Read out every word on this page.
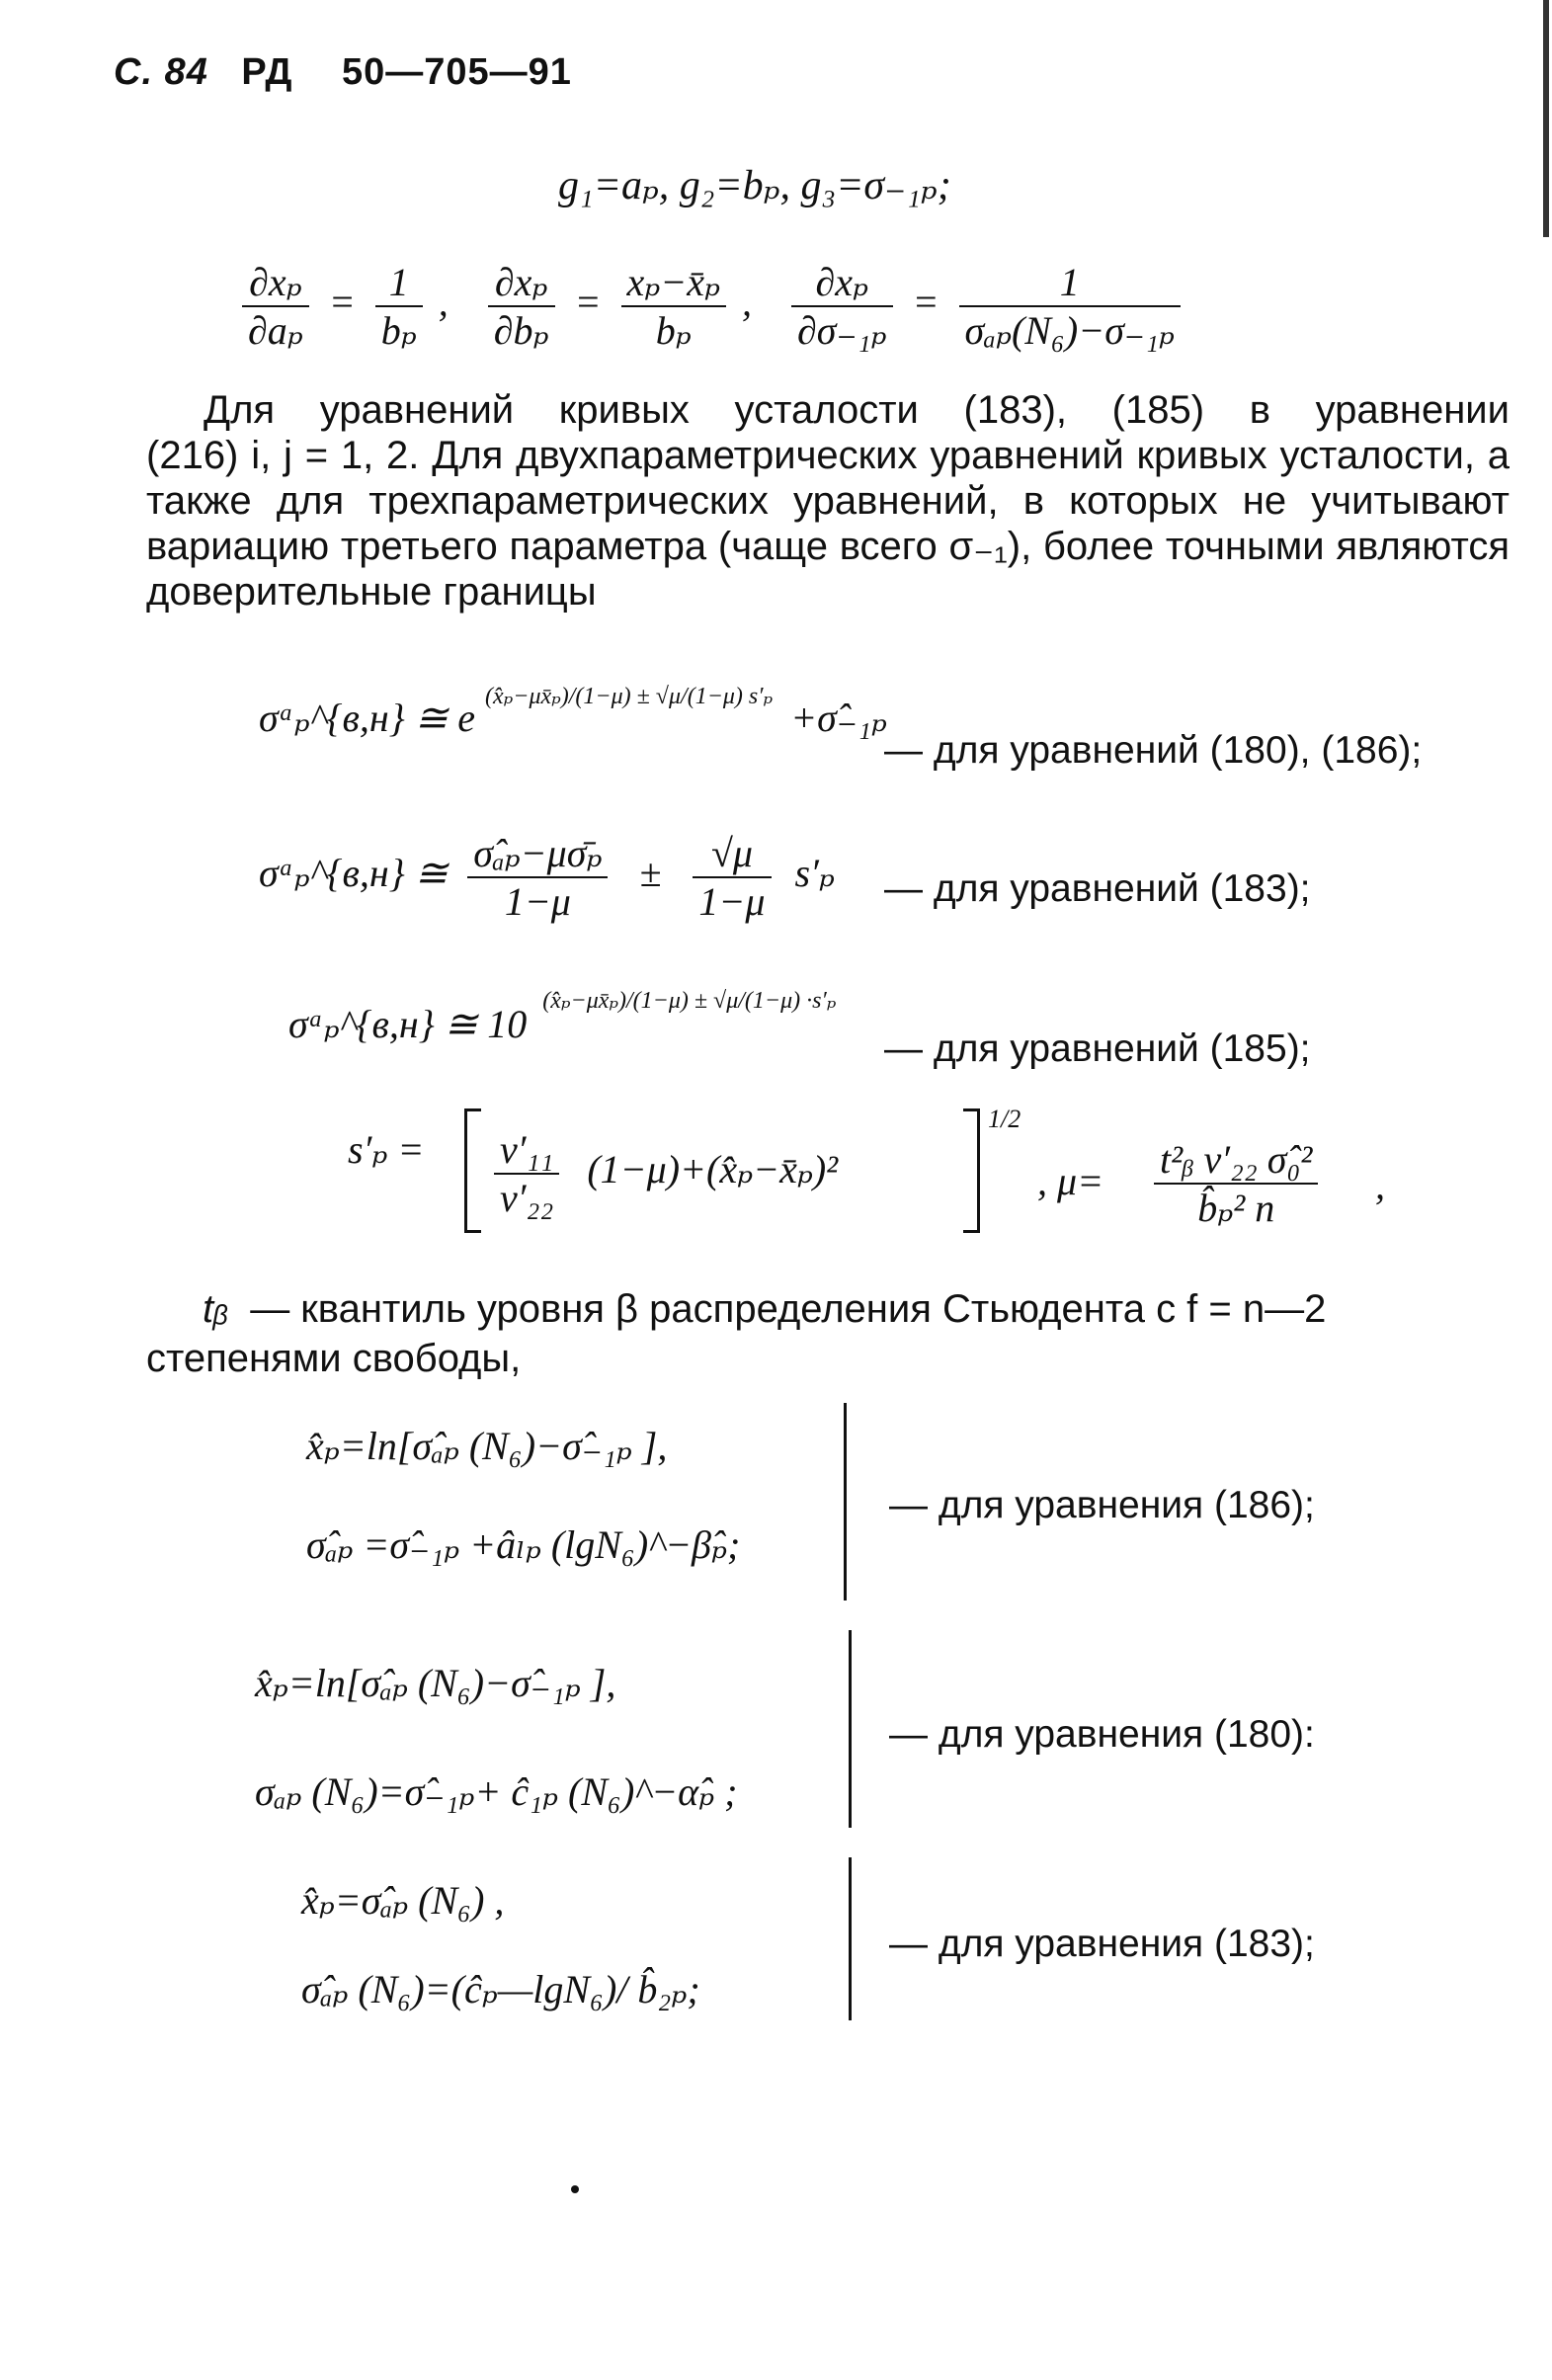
С. 84 РД 50—705—91
g₁=aₚ, g₂=bₚ, g₃=σ₋₁ₚ;
$\frac{\text{∂xₚ}}{\text{∂aₚ}} = \frac{1}{\text{bₚ}}$ , $\frac{\text{∂xₚ}}{\text{∂bₚ}} = \frac{\text{xₚ−x̄ₚ}}{\text{bₚ}}$ , $\frac{\text{∂xₚ}}{\text{∂σ₋₁ₚ}} = \frac{1}{\text{σₐₚ(N₆)−σ₋₁ₚ}}$

Для уравнений кривых усталости (183), (185) в уравнении

(216) i, j = 1, 2. Для двухпараметрических уравнений кривых усталости, а также для трехпараметрических уравнений, в которых не учитывают вариацию третьего параметра (чаще всего σ₋₁), более точными являются доверительные границы

σᵃₚ^{в,н} ≅ e $^{(x̂_p-\mu x̄_p)/(1-\mu) \pm √\mu/(1-\mu) s'_p}$ +σ̂₋₁ₚ
— для уравнений (180), (186);
σᵃₚ^{в,н} ≅ $\frac{\text{σ̂ₐₚ−μσ̄ₚ}}{1-\mu} \pm \frac{√\mu}{1-\mu} s'_p$ — для уравнений (183);
σᵃₚ^{в,н} ≅ 10 $^{(x̂_p-\mu x̄_p)/(1-\mu) \pm √\mu/(1-\mu) \cdot s'_p}$
— для уравнений (185);
$s'_p = \frac{\text{ν′₁₁}}{\text{ν′₂₂}}$ (1−μ)+(x̂ₚ−x̄ₚ)²
1/2
, $\mu= \frac{\text{t²ᵦ ν′₂₂ σ̂₀²}}{\text{b̂ₚ² n}}$ ,
tᵦ — квантиль уровня β распределения Стьюдента с f = n—2
степенями свободы,
x̂ₚ=ln[σ̂ₐₚ (N₆)−σ̂₋₁ₚ ],
σ̂ₐₚ =σ̂₋₁ₚ +âₗₚ (lgN₆)^−β̂ₚ;
— для уравнения (186);
x̂ₚ=ln[σ̂ₐₚ (N₆)−σ̂₋₁ₚ ],
σₐₚ (N₆)=σ̂₋₁ₚ+ ĉ₁ₚ (N₆)^−α̂ₚ ;
— для уравнения (180):
x̂ₚ=σ̂ₐₚ (N₆) ,
σ̂ₐₚ (N₆)=(ĉₚ—lgN₆)/ b̂₂ₚ;
— для уравнения (183);
